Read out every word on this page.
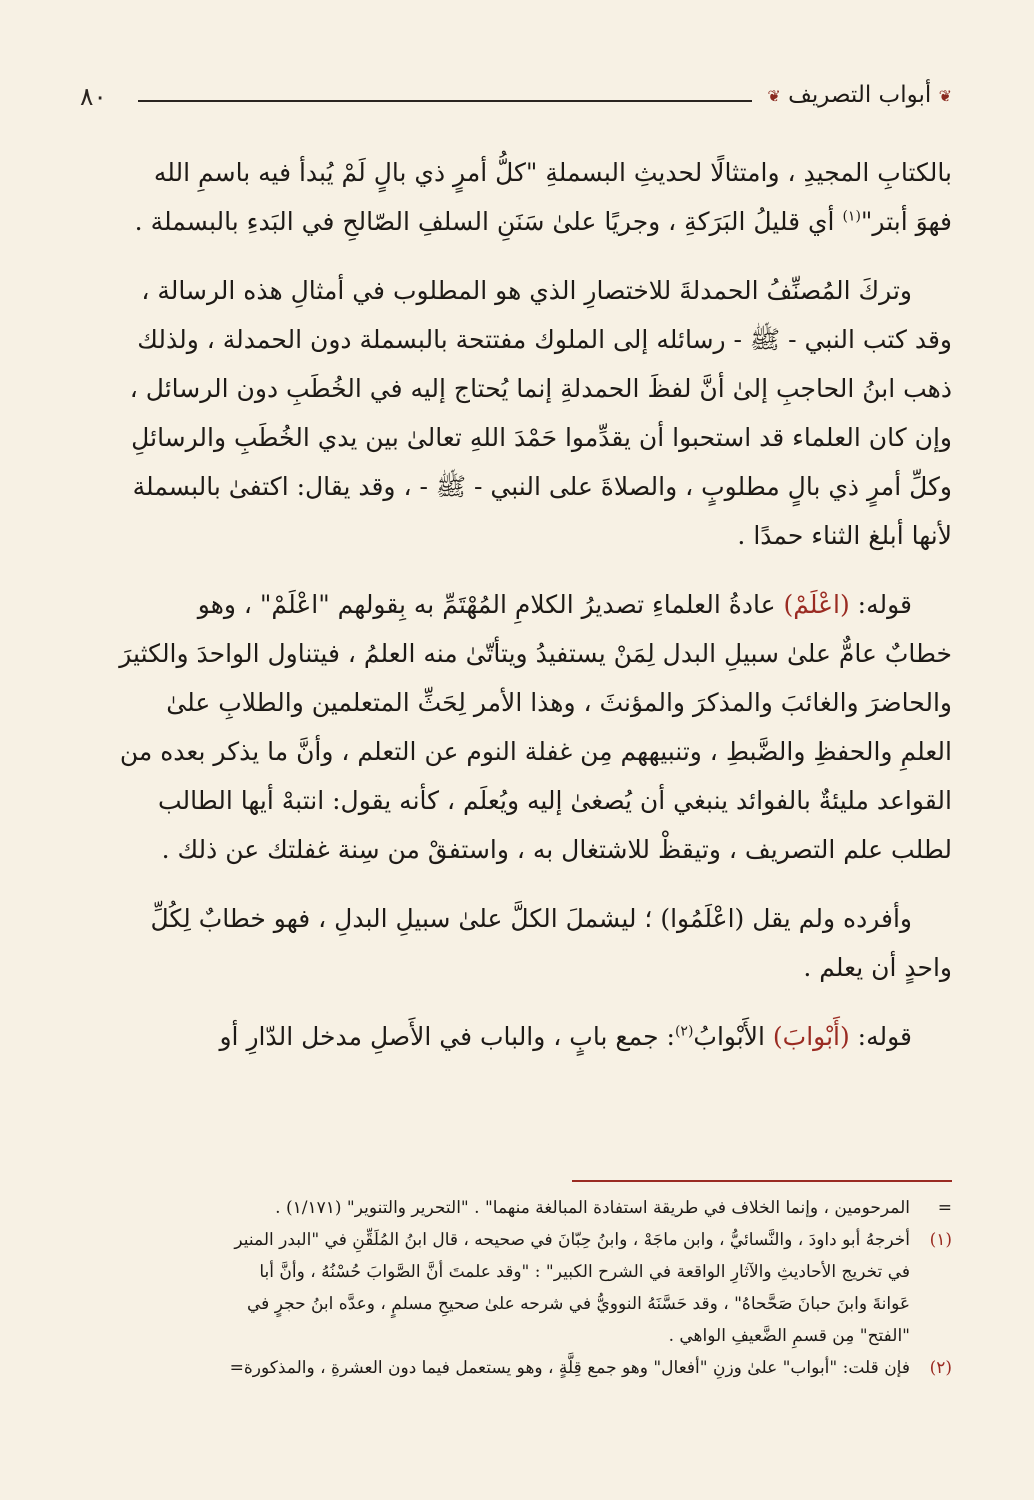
٨٠	❦ أبواب التصريف ❦
بالكتابِ المجيدِ ، وامتثالًا لحديثِ البسملةِ "كلُّ أمرٍ ذي بالٍ لَمْ يُبدأ فيه باسمِ الله
فهوَ أبتر"$^{(١)}$ أي قليلُ البَرَكةِ ، وجريًا علىٰ سَنَنِ السلفِ الصّالحِ في البَدءِ بالبسملة .
وتركَ المُصنِّفُ الحمدلةَ للاختصارِ الذي هو المطلوب في أمثالِ هذه الرسالة ،
وقد كتب النبي - ﷺ - رسائله إلى الملوك مفتتحة بالبسملة دون الحمدلة ، ولذلك
ذهب ابنُ الحاجبِ إلىٰ أنَّ لفظَ الحمدلةِ إنما يُحتاج إليه في الخُطَبِ دون الرسائل ،
وإن كان العلماء قد استحبوا أن يقدِّموا حَمْدَ اللهِ تعالىٰ بين يدي الخُطَبِ والرسائلِ
وكلِّ أمرٍ ذي بالٍ مطلوبٍ ، والصلاةَ على النبي - ﷺ - ، وقد يقال: اكتفىٰ بالبسملة
لأنها أبلغ الثناء حمدًا .
قوله: (اعْلَمْ) عادةُ العلماءِ تصديرُ الكلامِ المُهْتَمِّ به بِقولهم "اعْلَمْ" ، وهو
خطابٌ عامٌّ علىٰ سبيلِ البدل لِمَنْ يستفيدُ ويتأتّىٰ منه العلمُ ، فيتناول الواحدَ والكثيرَ
والحاضرَ والغائبَ والمذكرَ والمؤنثَ ، وهذا الأمر لِحَثِّ المتعلمين والطلابِ علىٰ
العلمِ والحفظِ والضَّبطِ ، وتنبيههم مِن غفلة النوم عن التعلم ، وأنَّ ما يذكر بعده من
القواعد مليئةٌ بالفوائد ينبغي أن يُصغىٰ إليه ويُعلَم ، كأنه يقول: انتبهْ أيها الطالب
لطلب علم التصريف ، وتيقظْ للاشتغال به ، واستفقْ من سِنة غفلتك عن ذلك .
وأفرده ولم يقل (اعْلَمُوا) ؛ ليشملَ الكلَّ علىٰ سبيلِ البدلِ ، فهو خطابٌ لِكُلِّ
واحدٍ أن يعلم .
قوله: (أَبْوابَ) الأَبْوابُ$^{(٢)}$: جمع بابٍ ، والباب في الأَصلِ مدخل الدّارِ أو
=
المرحومين ، وإنما الخلاف في طريقة استفادة المبالغة منهما" . "التحرير والتنوير" (١/١٧١) .
(١)
أخرجهُ أبو داودَ ، والنَّسائيُّ ، وابن ماجَهْ ، وابنُ حِبّانَ في صحيحه ، قال ابنُ المُلَقِّنِ في "البدر المنير
في تخريج الأحاديثِ والآثارِ الواقعة في الشرح الكبير" : "وقد علمتَ أنَّ الصَّوابَ حُسْنُهُ ، وأنَّ أبا
عَوانةَ وابنَ حبانَ صَحَّحاهُ" ، وقد حَسَّنَهُ النوويُّ في شرحه علىٰ صحيحِ مسلمٍ ، وعدَّه ابنُ حجرٍ في
"الفتح" مِن قسمِ الضَّعيفِ الواهي .
(٢)
فإن قلت: "أبواب" علىٰ وزنِ "أفعال" وهو جمع قِلَّةٍ ، وهو يستعمل فيما دون العشرةِ ، والمذكورة=
